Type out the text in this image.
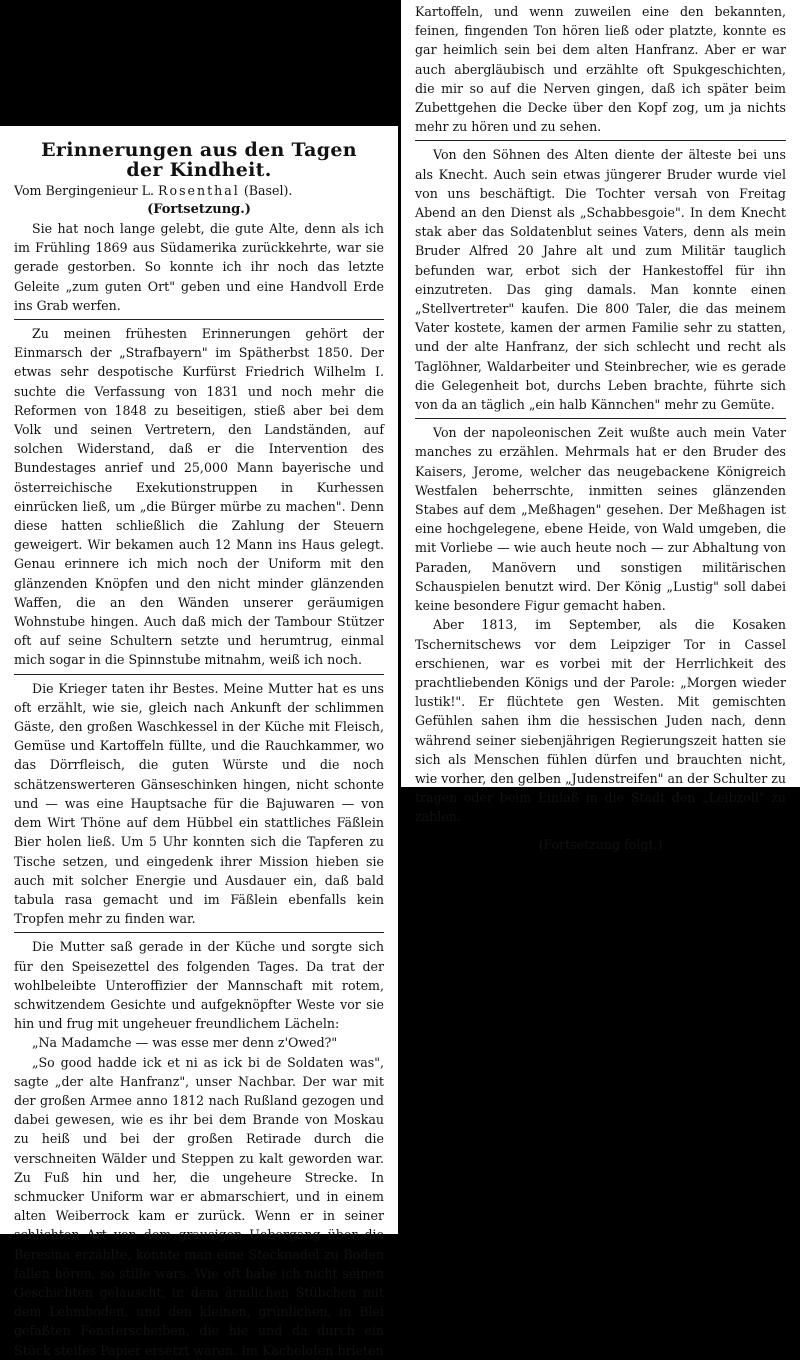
Erinnerungen aus den Tagen
der Kindheit.
Vom Bergingenieur L. Rosenthal (Basel).
(Fortsetzung.)

Sie hat noch lange gelebt, die gute Alte, denn als ich im Frühling 1869 aus Südamerika zurückkehrte, war sie gerade gestorben. So konnte ich ihr noch das letzte Geleite „zum guten Ort" geben und eine Handvoll Erde ins Grab werfen.

Zu meinen frühesten Erinnerungen gehört der Einmarsch der „Strafbayern" im Spätherbst 1850. Der etwas sehr despotische Kurfürst Friedrich Wilhelm I. suchte die Verfassung von 1831 und noch mehr die Reformen von 1848 zu beseitigen, stieß aber bei dem Volk und seinen Vertretern, den Landständen, auf solchen Widerstand, daß er die Intervention des Bundestages anrief und 25,000 Mann bayerische und österreichische Exekutionstruppen in Kurhessen einrücken ließ, um „die Bürger mürbe zu machen". Denn diese hatten schließlich die Zahlung der Steuern geweigert. Wir bekamen auch 12 Mann ins Haus gelegt. Genau erinnere ich mich noch der Uniform mit den glänzenden Knöpfen und den nicht minder glänzenden Waffen, die an den Wänden unserer geräumigen Wohnstube hingen. Auch daß mich der Tambour Stützer oft auf seine Schultern setzte und herumtrug, einmal mich sogar in die Spinnstube mitnahm, weiß ich noch.

Die Krieger taten ihr Bestes. Meine Mutter hat es uns oft erzählt, wie sie, gleich nach Ankunft der schlimmen Gäste, den großen Waschkessel in der Küche mit Fleisch, Gemüse und Kartoffeln füllte, und die Rauchkammer, wo das Dörrfleisch, die guten Würste und die noch schätzenswerteren Gänseschinken hingen, nicht schonte und — was eine Hauptsache für die Bajuwaren — von dem Wirt Thöne auf dem Hübbel ein stattliches Fäßlein Bier holen ließ. Um 5 Uhr konnten sich die Tapferen zu Tische setzen, und eingedenk ihrer Mission hieben sie auch mit solcher Energie und Ausdauer ein, daß bald tabula rasa gemacht und im Fäßlein ebenfalls kein Tropfen mehr zu finden war.

Die Mutter saß gerade in der Küche und sorgte sich für den Speisezettel des folgenden Tages. Da trat der wohlbeleibte Unteroffizier der Mannschaft mit rotem, schwitzendem Gesichte und aufgeknöpfter Weste vor sie hin und frug mit ungeheuer freundlichem Lächeln:

„Na Madamche — was esse mer denn z'Owed?"

„So good hadde ick et ni as ick bi de Soldaten was", sagte „der alte Hanfranz", unser Nachbar. Der war mit der großen Armee anno 1812 nach Rußland gezogen und dabei gewesen, wie es ihr bei dem Brande von Moskau zu heiß und bei der großen Retirade durch die verschneiten Wälder und Steppen zu kalt geworden war. Zu Fuß hin und her, die ungeheure Strecke. In schmucker Uniform war er abmarschiert, und in einem alten Weiberrock kam er zurück. Wenn er in seiner schlichten Art von dem grausigen Uebergang über die Beresina erzählte, konnte man eine Stecknadel zu Boden fallen hören, so stille wars. Wie oft habe ich nicht seinen Geschichten gelauscht, in dem ärmlichen Stübchen mit dem Lehmboden, und den kleinen, grünlichen, in Blei gefaßten Fensterscheiben, die hie und da durch ein Stück steifes Papier ersetzt waren. Im Kachelofen brieten

Kartoffeln, und wenn zuweilen eine den bekannten, feinen, fingenden Ton hören ließ oder platzte, konnte es gar heimlich sein bei dem alten Hanfranz. Aber er war auch abergläubisch und erzählte oft Spukgeschichten, die mir so auf die Nerven gingen, daß ich später beim Zubettgehen die Decke über den Kopf zog, um ja nichts mehr zu hören und zu sehen.

Von den Söhnen des Alten diente der älteste bei uns als Knecht. Auch sein etwas jüngerer Bruder wurde viel von uns beschäftigt. Die Tochter versah von Freitag Abend an den Dienst als „Schabbesgoie". In dem Knecht stak aber das Soldatenblut seines Vaters, denn als mein Bruder Alfred 20 Jahre alt und zum Militär tauglich befunden war, erbot sich der Hankestoffel für ihn einzutreten. Das ging damals. Man konnte einen „Stellvertreter" kaufen. Die 800 Taler, die das meinem Vater kostete, kamen der armen Familie sehr zu statten, und der alte Hanfranz, der sich schlecht und recht als Taglöhner, Waldarbeiter und Steinbrecher, wie es gerade die Gelegenheit bot, durchs Leben brachte, führte sich von da an täglich „ein halb Kännchen" mehr zu Gemüte.

Von der napoleonischen Zeit wußte auch mein Vater manches zu erzählen. Mehrmals hat er den Bruder des Kaisers, Jerome, welcher das neugebackene Königreich Westfalen beherrschte, inmitten seines glänzenden Stabes auf dem „Meßhagen" gesehen. Der Meßhagen ist eine hochgelegene, ebene Heide, von Wald umgeben, die mit Vorliebe — wie auch heute noch — zur Abhaltung von Paraden, Manövern und sonstigen militärischen Schauspielen benutzt wird. Der König „Lustig" soll dabei keine besondere Figur gemacht haben.

Aber 1813, im September, als die Kosaken Tschernitschews vor dem Leipziger Tor in Cassel erschienen, war es vorbei mit der Herrlichkeit des prachtliebenden Königs und der Parole: „Morgen wieder lustik!". Er flüchtete gen Westen. Mit gemischten Gefühlen sahen ihm die hessischen Juden nach, denn während seiner siebenjährigen Regierungszeit hatten sie sich als Menschen fühlen dürfen und brauchten nicht, wie vorher, den gelben „Judenstreifen" an der Schulter zu tragen oder beim Einlaß in die Stadt den „Leibzoll" zu zahlen.

(Fortsetzung folgt.)
